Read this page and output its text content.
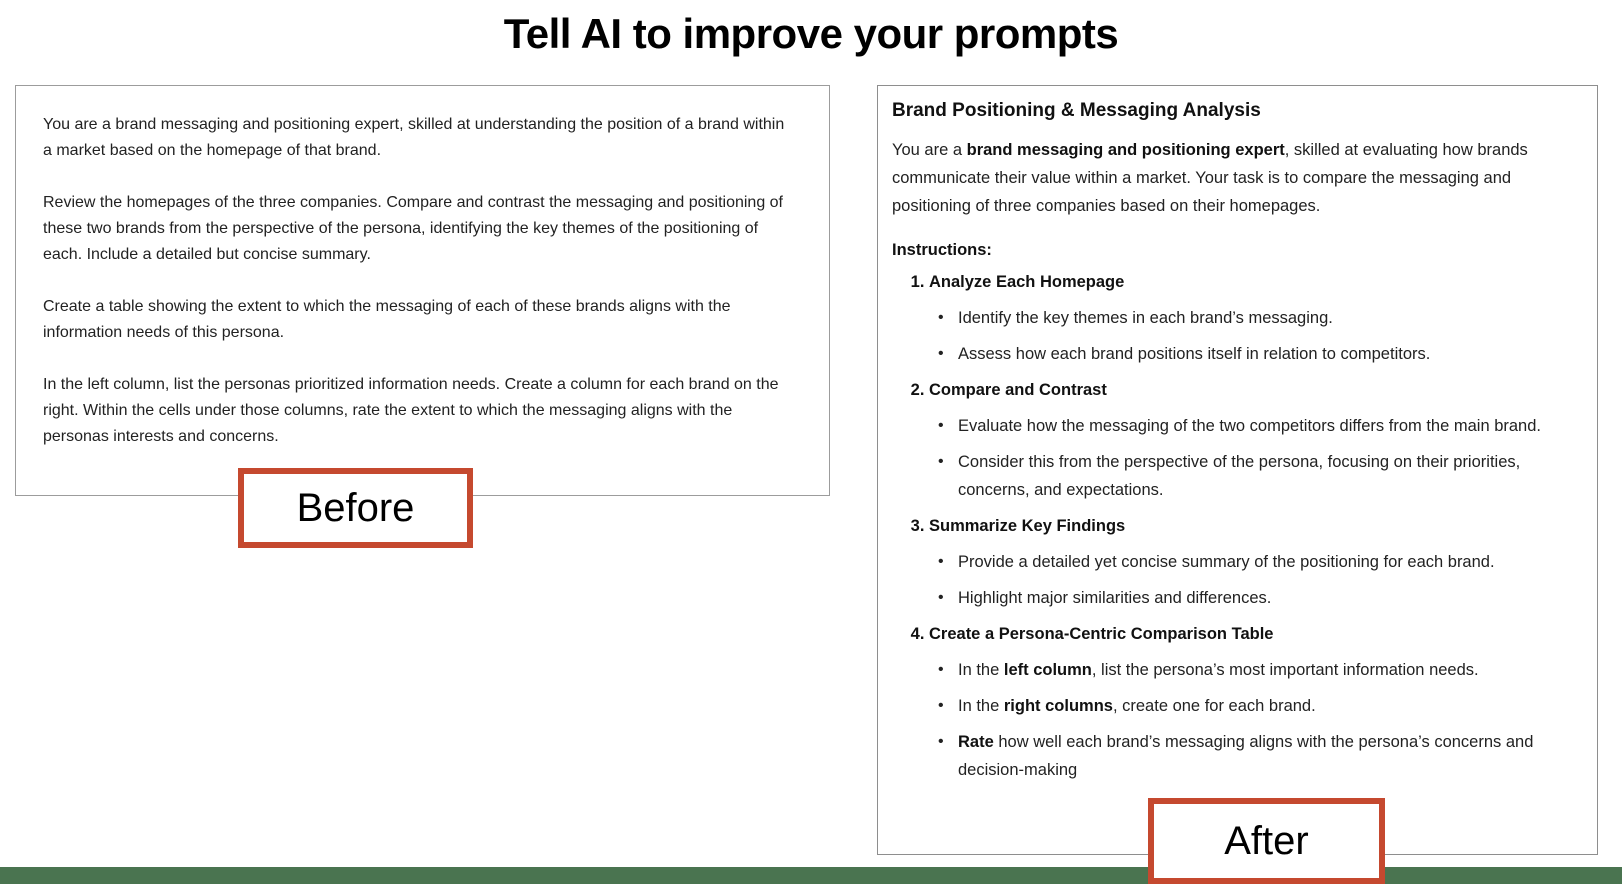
Tell AI to improve your prompts

You are a brand messaging and positioning expert, skilled at understanding the position of a brand within a market based on the homepage of that brand.

Review the homepages of the three companies. Compare and contrast the messaging and positioning of these two brands from the perspective of the persona, identifying the key themes of the positioning of each. Include a detailed but concise summary.

Create a table showing the extent to which the messaging of each of these brands aligns with the information needs of this persona.

In the left column, list the personas prioritized information needs. Create a column for each brand on the right. Within the cells under those columns, rate the extent to which the messaging aligns with the personas interests and concerns.

Brand Positioning & Messaging Analysis

You are a brand messaging and positioning expert, skilled at evaluating how brands communicate their value within a market. Your task is to compare the messaging and positioning of three companies based on their homepages.

Instructions:
1. Analyze Each Homepage
• Identify the key themes in each brand’s messaging.
• Assess how each brand positions itself in relation to competitors.
2. Compare and Contrast
• Evaluate how the messaging of the two competitors differs from the main brand.
• Consider this from the perspective of the persona, focusing on their priorities, concerns, and expectations.
3. Summarize Key Findings
• Provide a detailed yet concise summary of the positioning for each brand.
• Highlight major similarities and differences.
4. Create a Persona-Centric Comparison Table
• In the left column, list the persona’s most important information needs.
• In the right columns, create one for each brand.
• Rate how well each brand’s messaging aligns with the persona’s concerns and decision-making
Before
After
